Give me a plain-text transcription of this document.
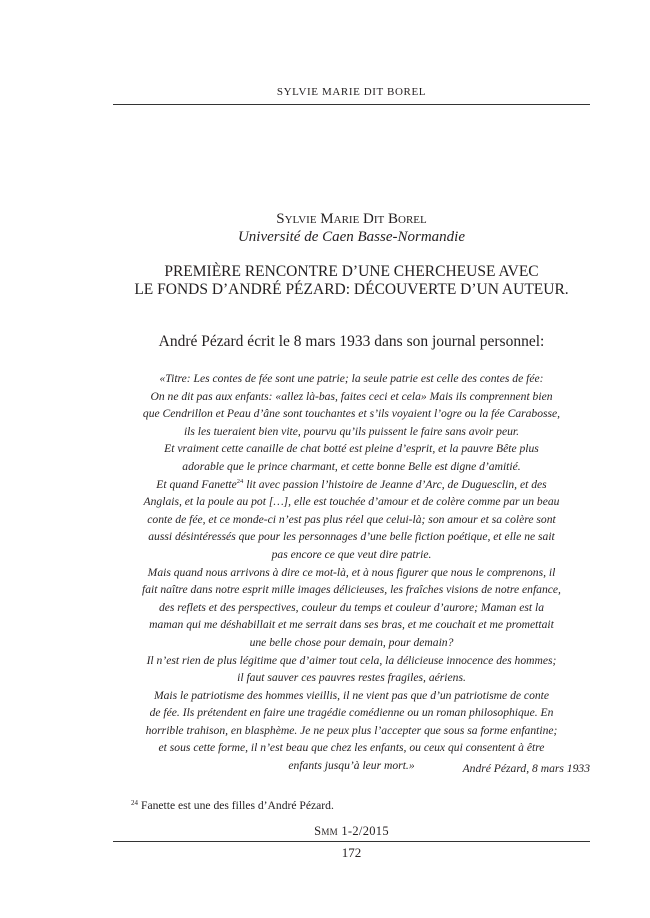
SYLVIE MARIE DIT BOREL
Sylvie Marie Dit Borel
Université de Caen Basse-Normandie
PREMIÈRE RENCONTRE D’UNE CHERCHEUSE AVEC
LE FONDS D’ANDRÉ PÉZARD: DÉCOUVERTE D’UN AUTEUR.
André Pézard écrit le 8 mars 1933 dans son journal personnel:
«Titre: Les contes de fée sont une patrie; la seule patrie est celle des contes de fée:
On ne dit pas aux enfants: «allez là-bas, faites ceci et cela» Mais ils comprennent bien
que Cendrillon et Peau d’âne sont touchantes et s’ils voyaient l’ogre ou la fée Carabosse,
ils les tueraient bien vite, pourvu qu’ils puissent le faire sans avoir peur.
Et vraiment cette canaille de chat botté est pleine d’esprit, et la pauvre Bête plus
adorable que le prince charmant, et cette bonne Belle est digne d’amitié.
Et quand Fanette$^{24}$ lit avec passion l’histoire de Jeanne d’Arc, de Duguesclin, et des
Anglais, et la poule au pot […], elle est touchée d’amour et de colère comme par un beau
conte de fée, et ce monde-ci n’est pas plus réel que celui-là; son amour et sa colère sont
aussi désintéressés que pour les personnages d’une belle fiction poétique, et elle ne sait
pas encore ce que veut dire patrie.
Mais quand nous arrivons à dire ce mot-là, et à nous figurer que nous le comprenons, il
fait naître dans notre esprit mille images délicieuses, les fraîches visions de notre enfance,
des reflets et des perspectives, couleur du temps et couleur d’aurore; Maman est la
maman qui me déshabillait et me serrait dans ses bras, et me couchait et me promettait
une belle chose pour demain, pour demain?
Il n’est rien de plus légitime que d’aimer tout cela, la délicieuse innocence des hommes;
il faut sauver ces pauvres restes fragiles, aériens.
Mais le patriotisme des hommes vieillis, il ne vient pas que d’un patriotisme de conte
de fée. Ils prétendent en faire une tragédie comédienne ou un roman philosophique. En
horrible trahison, en blasphème. Je ne peux plus l’accepter que sous sa forme enfantine;
et sous cette forme, il n’est beau que chez les enfants, ou ceux qui consentent à être
enfants jusqu’à leur mort.»	André Pézard, 8 mars 1933
$^{24}$ Fanette est une des filles d’André Pézard.
Smm 1-2/2015
172
